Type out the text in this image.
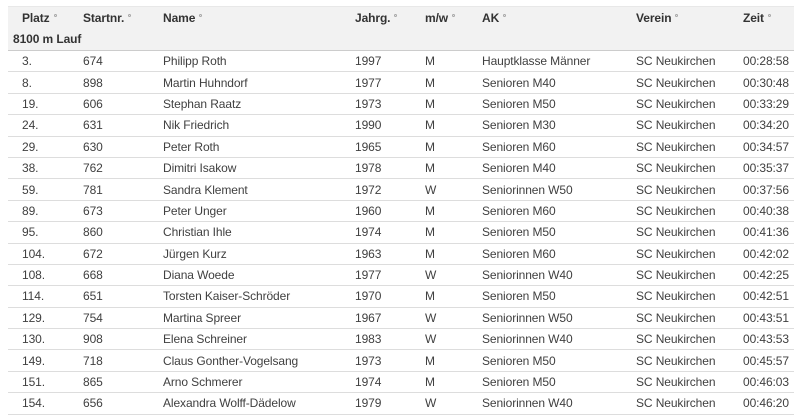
Platz	Startnr.	Name	Jahrg.	m/w	AK	Verein	Zeit
8100 m Lauf							
3.	674	Philipp Roth	1997	M	Hauptklasse Männer	SC Neukirchen	00:28:58
8.	898	Martin Huhndorf	1977	M	Senioren M40	SC Neukirchen	00:30:48
19.	606	Stephan Raatz	1973	M	Senioren M50	SC Neukirchen	00:33:29
24.	631	Nik Friedrich	1990	M	Senioren M30	SC Neukirchen	00:34:20
29.	630	Peter Roth	1965	M	Senioren M60	SC Neukirchen	00:34:57
38.	762	Dimitri Isakow	1978	M	Senioren M40	SC Neukirchen	00:35:37
59.	781	Sandra Klement	1972	W	Seniorinnen W50	SC Neukirchen	00:37:56
89.	673	Peter Unger	1960	M	Senioren M60	SC Neukirchen	00:40:38
95.	860	Christian Ihle	1974	M	Senioren M50	SC Neukirchen	00:41:36
104.	672	Jürgen Kurz	1963	M	Senioren M60	SC Neukirchen	00:42:02
108.	668	Diana Woede	1977	W	Seniorinnen W40	SC Neukirchen	00:42:25
114.	651	Torsten Kaiser-Schröder	1970	M	Senioren M50	SC Neukirchen	00:42:51
129.	754	Martina Spreer	1967	W	Seniorinnen W50	SC Neukirchen	00:43:51
130.	908	Elena Schreiner	1983	W	Seniorinnen W40	SC Neukirchen	00:43:53
149.	718	Claus Gonther-Vogelsang	1973	M	Senioren M50	SC Neukirchen	00:45:57
151.	865	Arno Schmerer	1974	M	Senioren M50	SC Neukirchen	00:46:03
154.	656	Alexandra Wolff-Dädelow	1979	W	Seniorinnen W40	SC Neukirchen	00:46:20
